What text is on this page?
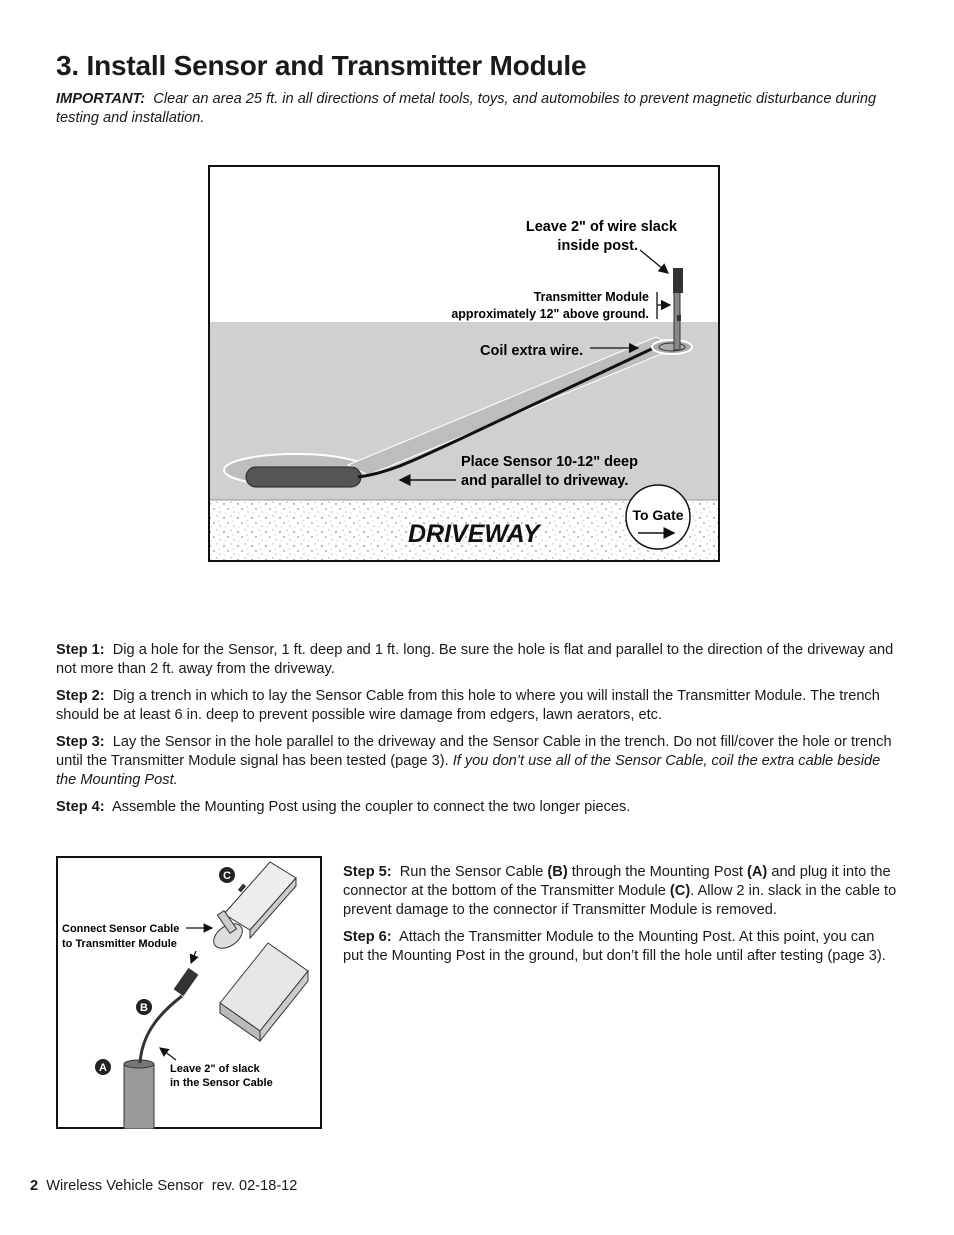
3. Install Sensor and Transmitter Module
IMPORTANT: Clear an area 25 ft. in all directions of metal tools, toys, and automobiles to prevent magnetic disturbance during testing and installation.
Leave 2" of wire slack
inside post.
Transmitter Module
approximately 12" above ground.
Coil extra wire.
Place Sensor 10-12" deep
and parallel to driveway.
DRIVEWAY
To Gate

Step 1: Dig a hole for the Sensor, 1 ft. deep and 1 ft. long. Be sure the hole is flat and parallel to the direction of the driveway and not more than 2 ft. away from the driveway.

Step 2: Dig a trench in which to lay the Sensor Cable from this hole to where you will install the Transmitter Module. The trench should be at least 6 in. deep to prevent possible wire damage from edgers, lawn aerators, etc.

Step 3: Lay the Sensor in the hole parallel to the driveway and the Sensor Cable in the trench. Do not fill/cover the hole or trench until the Transmitter Module signal has been tested (page 3). If you don’t use all of the Sensor Cable, coil the extra cable beside the Mounting Post.

Step 4: Assemble the Mounting Post using the coupler to connect the two longer pieces.

C
B
A
Connect Sensor Cable
to Transmitter Module
Leave 2" of slack
in the Sensor Cable

Step 5: Run the Sensor Cable (B) through the Mounting Post (A) and plug it into the connector at the bottom of the Transmitter Module (C). Allow 2 in. slack in the cable to prevent damage to the connector if Transmitter Module is removed.

Step 6: Attach the Transmitter Module to the Mounting Post. At this point, you can put the Mounting Post in the ground, but don’t fill the hole until after testing (page 3).

2 Wireless Vehicle Sensor rev. 02-18-12
